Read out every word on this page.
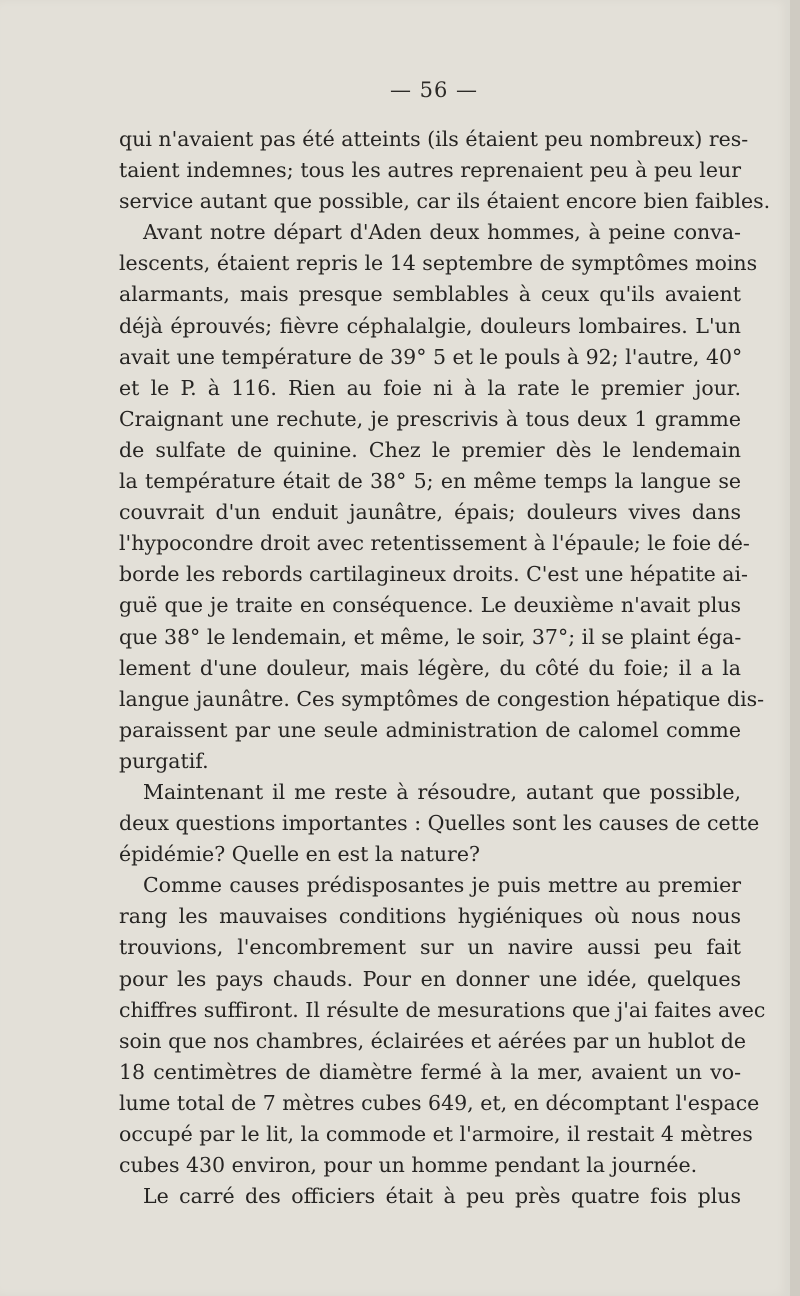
— 56 —
qui n'avaient pas été atteints (ils étaient peu nombreux) res-
taient indemnes; tous les autres reprenaient peu à peu leur
service autant que possible, car ils étaient encore bien faibles.
Avant notre départ d'Aden deux hommes, à peine conva-
lescents, étaient repris le 14 septembre de symptômes moins
alarmants, mais presque semblables à ceux qu'ils avaient
déjà éprouvés; fièvre céphalalgie, douleurs lombaires. L'un
avait une température de 39° 5 et le pouls à 92; l'autre, 40°
et le P. à 116. Rien au foie ni à la rate le premier jour.
Craignant une rechute, je prescrivis à tous deux 1 gramme
de sulfate de quinine. Chez le premier dès le lendemain
la température était de 38° 5; en même temps la langue se
couvrait d'un enduit jaunâtre, épais; douleurs vives dans
l'hypocondre droit avec retentissement à l'épaule; le foie dé-
borde les rebords cartilagineux droits. C'est une hépatite ai-
guë que je traite en conséquence. Le deuxième n'avait plus
que 38° le lendemain, et même, le soir, 37°; il se plaint éga-
lement d'une douleur, mais légère, du côté du foie; il a la
langue jaunâtre. Ces symptômes de congestion hépatique dis-
paraissent par une seule administration de calomel comme
purgatif.
Maintenant il me reste à résoudre, autant que possible,
deux questions importantes : Quelles sont les causes de cette
épidémie? Quelle en est la nature?
Comme causes prédisposantes je puis mettre au premier
rang les mauvaises conditions hygiéniques où nous nous
trouvions, l'encombrement sur un navire aussi peu fait
pour les pays chauds. Pour en donner une idée, quelques
chiffres suffiront. Il résulte de mesurations que j'ai faites avec
soin que nos chambres, éclairées et aérées par un hublot de
18 centimètres de diamètre fermé à la mer, avaient un vo-
lume total de 7 mètres cubes 649, et, en décomptant l'espace
occupé par le lit, la commode et l'armoire, il restait 4 mètres
cubes 430 environ, pour un homme pendant la journée.
Le carré des officiers était à peu près quatre fois plus
